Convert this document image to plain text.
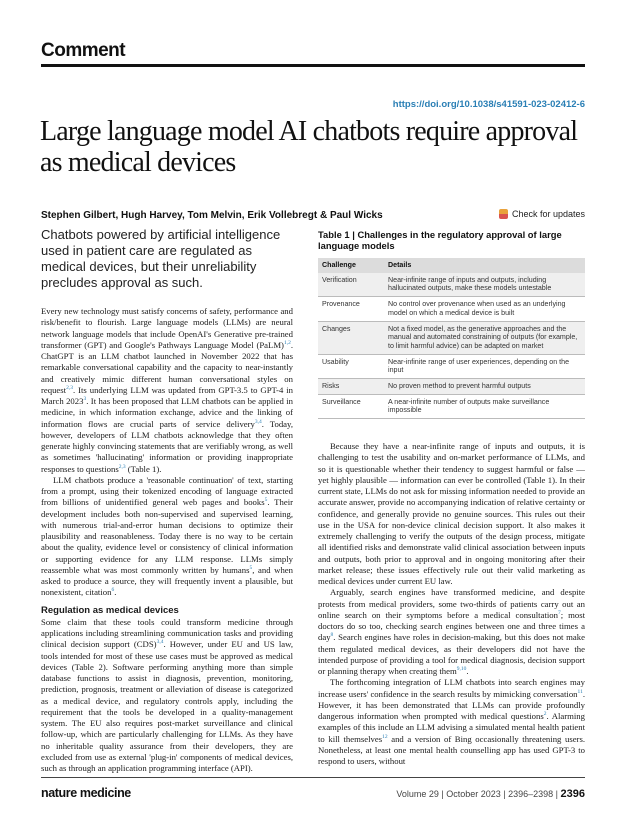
Comment
https://doi.org/10.1038/s41591-023-02412-6
Large language model AI chatbots require approval as medical devices
Stephen Gilbert, Hugh Harvey, Tom Melvin, Erik Vollebregt & Paul Wicks	Check for updates
Chatbots powered by artificial intelligence used in patient care are regulated as medical devices, but their unreliability precludes approval as such.

Every new technology must satisfy concerns of safety, performance and risk/benefit to flourish. Large language models (LLMs) are neural network language models that include OpenAI's Generative pre-trained transformer (GPT) and Google's Pathways Language Model (PaLM)$^{1,2}$. ChatGPT is an LLM chatbot launched in November 2022 that has remarkable conversational capability and the capacity to near-instantly and creatively mimic different human conversational styles on request$^{2,3}$. Its underlying LLM was updated from GPT-3.5 to GPT-4 in March 2023$^3$. It has been proposed that LLM chatbots can be applied in medicine, in which information exchange, advice and the linking of information flows are crucial parts of service delivery$^{3,4}$. Today, however, developers of LLM chatbots acknowledge that they often generate highly convincing statements that are verifiably wrong, as well as sometimes 'hallucinating' information or providing inappropriate responses to questions$^{2,3}$ (Table 1).

LLM chatbots produce a 'reasonable continuation' of text, starting from a prompt, using their tokenized encoding of language extracted from billions of unidentified general web pages and books$^5$. Their development includes both non-supervised and supervised learning, with numerous trial-and-error human decisions to optimize their plausibility and reasonableness. Today there is no way to be certain about the quality, evidence level or consistency of clinical information or supporting evidence for any LLM response. LLMs simply reassemble what was most commonly written by humans$^5$, and when asked to produce a source, they will frequently invent a plausible, but nonexistent, citation$^6$.

Regulation as medical devices

Some claim that these tools could transform medicine through applications including streamlining communication tasks and providing clinical decision support (CDS)$^{3,4}$. However, under EU and US law, tools intended for most of these use cases must be approved as medical devices (Table 2). Software performing anything more than simple database functions to assist in diagnosis, prevention, monitoring, prediction, prognosis, treatment or alleviation of disease is categorized as a medical device, and regulatory controls apply, including the requirement that the tools be developed in a quality-management system. The EU also requires post-market surveillance and clinical follow-up, which are particularly challenging for LLMs. As they have no inheritable quality assurance from their developers, they are excluded from use as external 'plug-in' components of medical devices, such as through an application programming interface (API).

Table 1 | Challenges in the regulatory approval of large language models
Challenge	Details
Verification	Near-infinite range of inputs and outputs, including hallucinated outputs, make these models untestable
Provenance	No control over provenance when used as an underlying model on which a medical device is built
Changes	Not a fixed model, as the generative approaches and the manual and automated constraining of outputs (for example, to limit harmful advice) can be adapted on market
Usability	Near-infinite range of user experiences, depending on the input
Risks	No proven method to prevent harmful outputs
Surveillance	A near-infinite number of outputs make surveillance impossible

Because they have a near-infinite range of inputs and outputs, it is challenging to test the usability and on-market performance of LLMs, and so it is questionable whether their tendency to suggest harmful or false — yet highly plausible — information can ever be controlled (Table 1). In their current state, LLMs do not ask for missing information needed to provide an accurate answer, provide no accompanying indication of relative certainty or confidence, and generally provide no genuine sources. This rules out their use in the USA for non-device clinical decision support. It also makes it extremely challenging to verify the outputs of the design process, mitigate all identified risks and demonstrate valid clinical association between inputs and outputs, both prior to approval and in ongoing monitoring after their market release; these issues effectively rule out their valid marketing as medical devices under current EU law.

Arguably, search engines have transformed medicine, and despite protests from medical providers, some two-thirds of patients carry out an online search on their symptoms before a medical consultation$^7$; most doctors do so too, checking search engines between one and three times a day$^8$. Search engines have roles in decision-making, but this does not make them regulated medical devices, as their developers did not have the intended purpose of providing a tool for medical diagnosis, decision support or planning therapy when creating them$^{9,10}$.

The forthcoming integration of LLM chatbots into search engines may increase users' confidence in the search results by mimicking conversation$^{11}$. However, it has been demonstrated that LLMs can provide profoundly dangerous information when prompted with medical questions$^2$. Alarming examples of this include an LLM advising a simulated mental health patient to kill themselves$^{12}$ and a version of Bing occasionally threatening users. Nonetheless, at least one mental health counselling app has used GPT-3 to respond to users, without

nature medicine	Volume 29 | October 2023 | 2396–2398 | 2396
